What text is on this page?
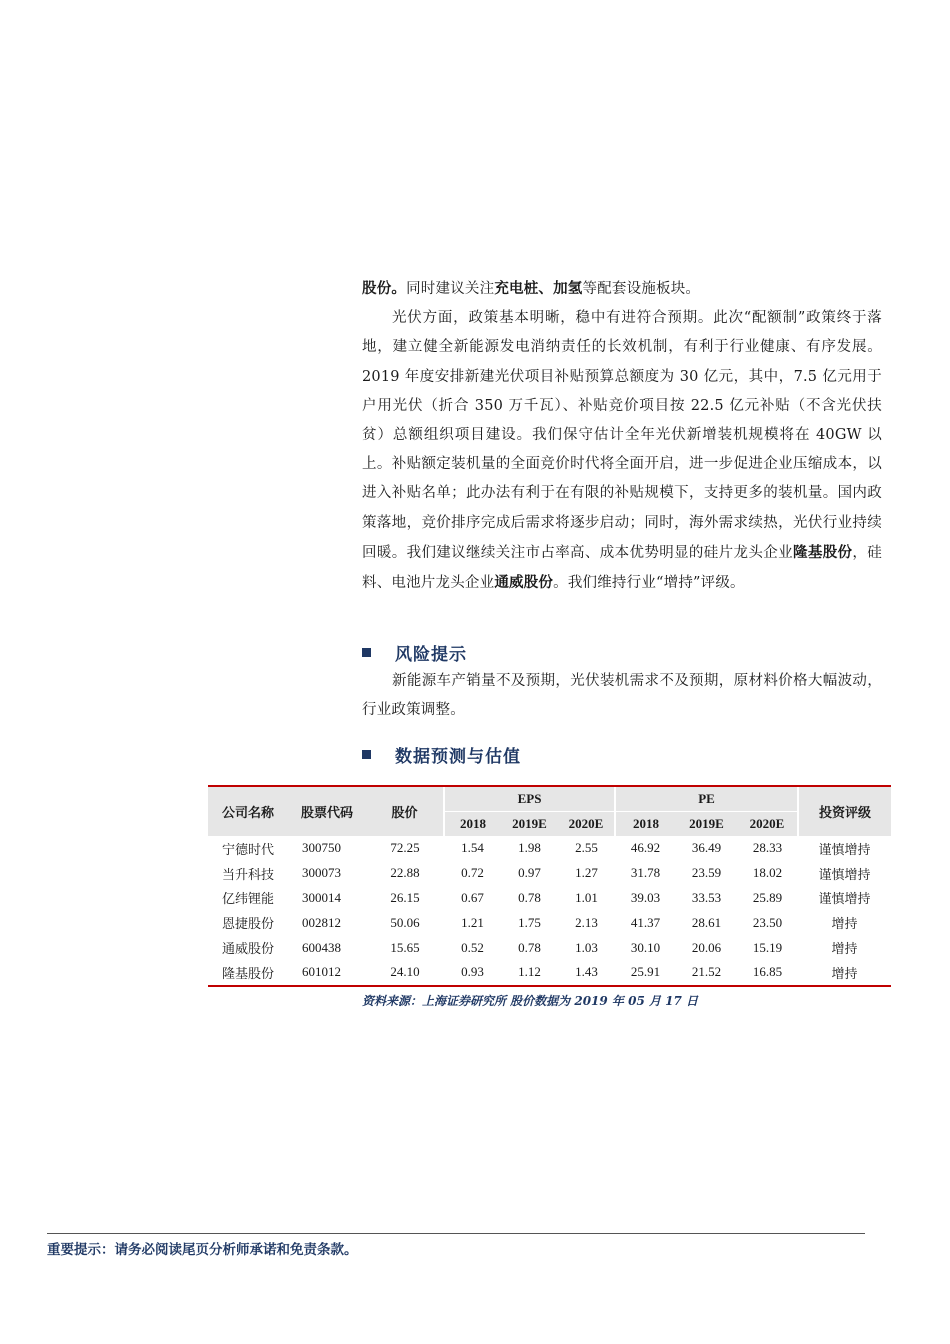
股份。同时建议关注充电桩、加氢等配套设施板块。

光伏方面，政策基本明晰，稳中有进符合预期。此次“配额制”政策终于落地，建立健全新能源发电消纳责任的长效机制，有利于行业健康、有序发展。2019 年度安排新建光伏项目补贴预算总额度为 30 亿元，其中，7.5 亿元用于户用光伏（折合 350 万千瓦）、补贴竞价项目按 22.5 亿元补贴（不含光伏扶贫）总额组织项目建设。我们保守估计全年光伏新增装机规模将在 40GW 以上。补贴额定装机量的全面竞价时代将全面开启，进一步促进企业压缩成本，以进入补贴名单；此办法有利于在有限的补贴规模下，支持更多的装机量。国内政策落地，竞价排序完成后需求将逐步启动；同时，海外需求续热，光伏行业持续回暖。我们建议继续关注市占率高、成本优势明显的硅片龙头企业隆基股份，硅料、电池片龙头企业通威股份。我们维持行业“增持”评级。

风险提示

新能源车产销量不及预期，光伏装机需求不及预期，原材料价格大幅波动，行业政策调整。

数据预测与估值
公司名称	股票代码	股价	EPS			PE			投资评级
			2018	2019E	2020E	2018	2019E	2020E	
宁德时代	300750	72.25	1.54	1.98	2.55	46.92	36.49	28.33	谨慎增持
当升科技	300073	22.88	0.72	0.97	1.27	31.78	23.59	18.02	谨慎增持
亿纬锂能	300014	26.15	0.67	0.78	1.01	39.03	33.53	25.89	谨慎增持
恩捷股份	002812	50.06	1.21	1.75	2.13	41.37	28.61	23.50	增持
通威股份	600438	15.65	0.52	0.78	1.03	30.10	20.06	15.19	增持
隆基股份	601012	24.10	0.93	1.12	1.43	25.91	21.52	16.85	增持
资料来源：上海证券研究所 股价数据为 2019 年 05 月 17 日
重要提示：请务必阅读尾页分析师承诺和免责条款。
